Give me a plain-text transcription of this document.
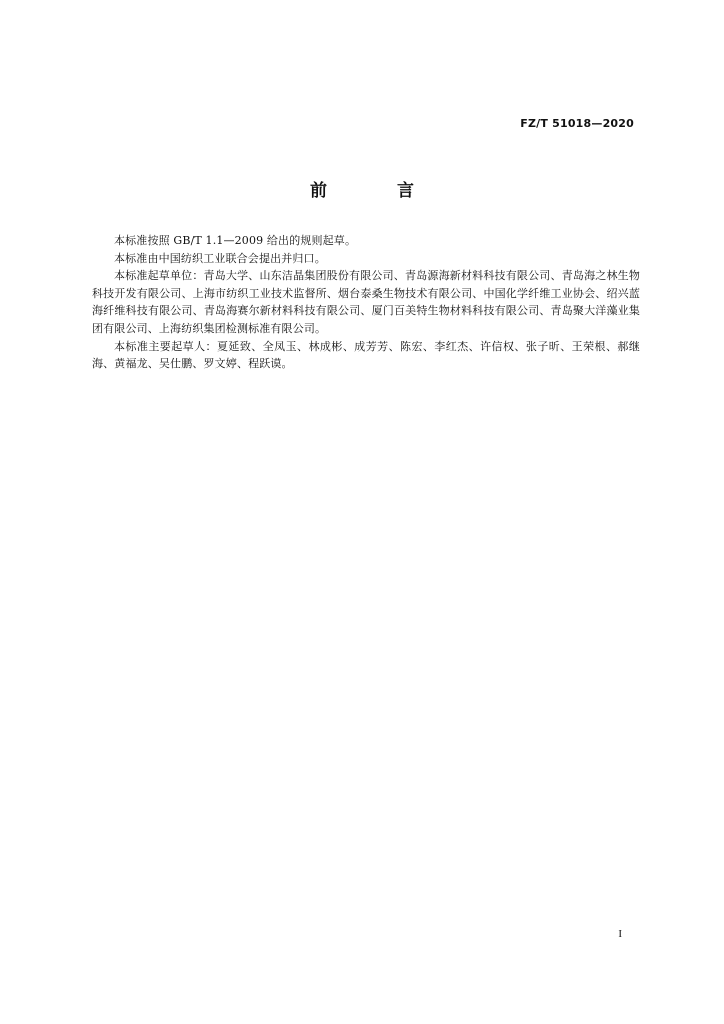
FZ/T 51018—2020
前 言

本标准按照 GB/T 1.1—2009 给出的规则起草。

本标准由中国纺织工业联合会提出并归口。

本标准起草单位：青岛大学、山东洁晶集团股份有限公司、青岛源海新材料科技有限公司、青岛海之林生物科技开发有限公司、上海市纺织工业技术监督所、烟台泰桑生物技术有限公司、中国化学纤维工业协会、绍兴蓝海纤维科技有限公司、青岛海赛尔新材料科技有限公司、厦门百美特生物材料科技有限公司、青岛聚大洋藻业集团有限公司、上海纺织集团检测标准有限公司。

本标准主要起草人：夏延致、全凤玉、林成彬、成芳芳、陈宏、李红杰、许信权、张子昕、王荣根、郝继海、黄福龙、吴仕鹏、罗文婷、程跃谟。

I
